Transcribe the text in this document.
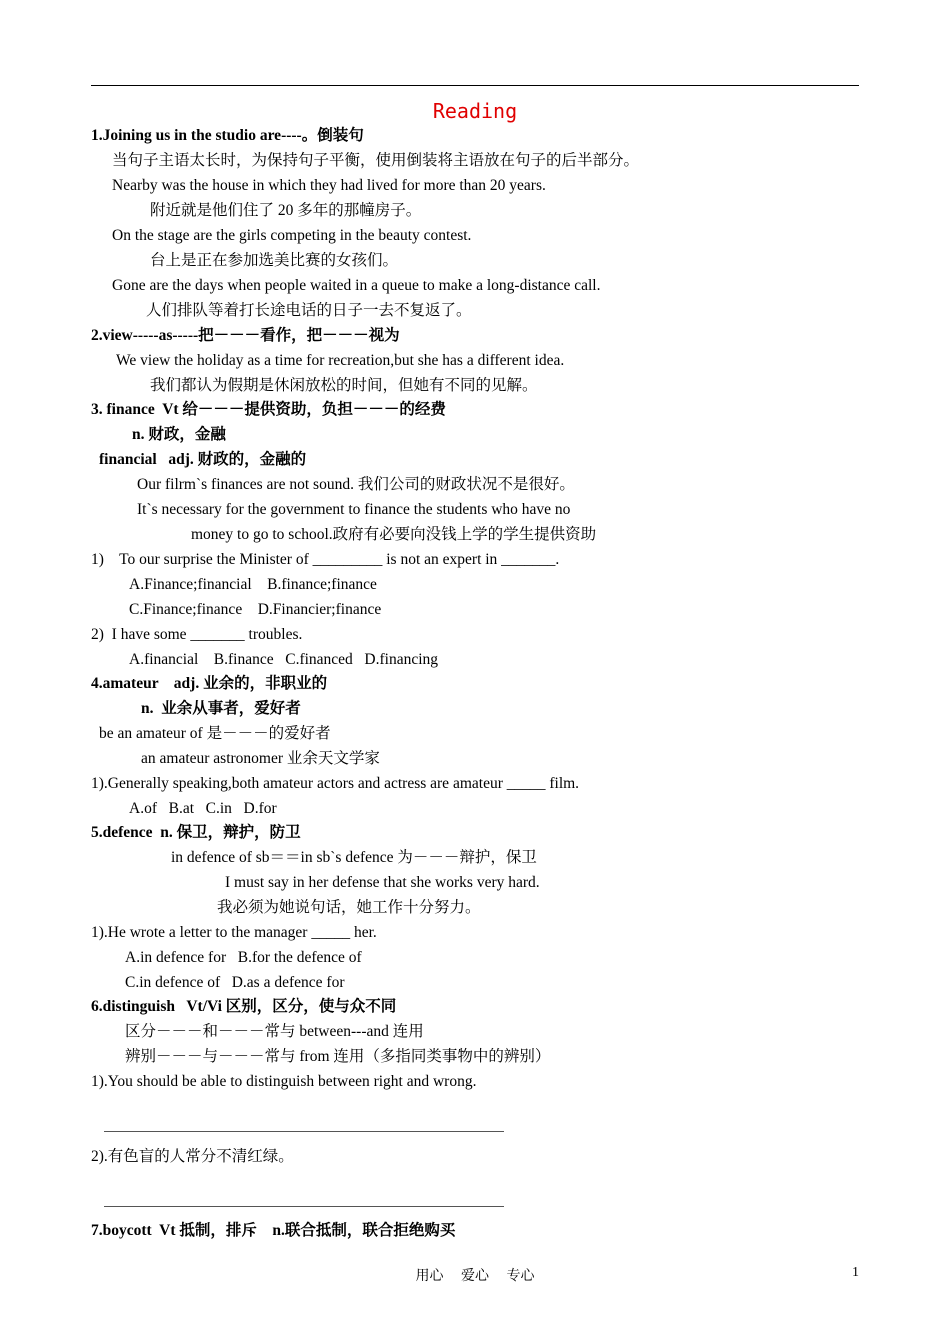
Reading
1.Joining us in the studio are----。倒装句
当句子主语太长时，为保持句子平衡，使用倒装将主语放在句子的后半部分。
Nearby was the house in which they had lived for more than 20 years.
附近就是他们住了 20 多年的那幢房子。
On the stage are the girls competing in the beauty contest.
台上是正在参加选美比赛的女孩们。
Gone are the days when people waited in a queue to make a long-distance call.
人们排队等着打长途电话的日子一去不复返了。
2.view-----as-----把－－－看作，把－－－视为
We view the holiday as a time for recreation,but she has a different idea.
我们都认为假期是休闲放松的时间，但她有不同的见解。
3. finance  Vt 给－－－提供资助，负担－－－的经费
n. 财政，金融
financial   adj. 财政的，金融的
Our filrm`s finances are not sound. 我们公司的财政状况不是很好。
It`s necessary for the government to finance the students who have no
money to go to school.政府有必要向没钱上学的学生提供资助
1)    To our surprise the Minister of _________ is not an expert in _______.
A.Finance;financial    B.finance;finance
C.Finance;finance    D.Financier;finance
2)  I have some _______ troubles.
A.financial    B.finance   C.financed   D.financing
4.amateur    adj. 业余的，非职业的
n.  业余从事者，爱好者
be an amateur of 是－－－的爱好者
an amateur astronomer 业余天文学家
1).Generally speaking,both amateur actors and actress are amateur _____ film.
A.of   B.at   C.in   D.for
5.defence  n. 保卫，辩护，防卫
in defence of sb＝＝in sb`s defence 为－－－辩护，保卫
I must say in her defense that she works very hard.
我必须为她说句话，她工作十分努力。
1).He wrote a letter to the manager _____ her.
A.in defence for   B.for the defence of
C.in defence of   D.as a defence for
6.distinguish   Vt/Vi 区别，区分，使与众不同
区分－－－和－－－常与 between---and 连用
辨别－－－与－－－常与 from 连用（多指同类事物中的辨别）
1).You should be able to distinguish between right and wrong.
2).有色盲的人常分不清红绿。
7.boycott  Vt 抵制，排斥    n.联合抵制，联合拒绝购买
用心 爱心 专心	1
